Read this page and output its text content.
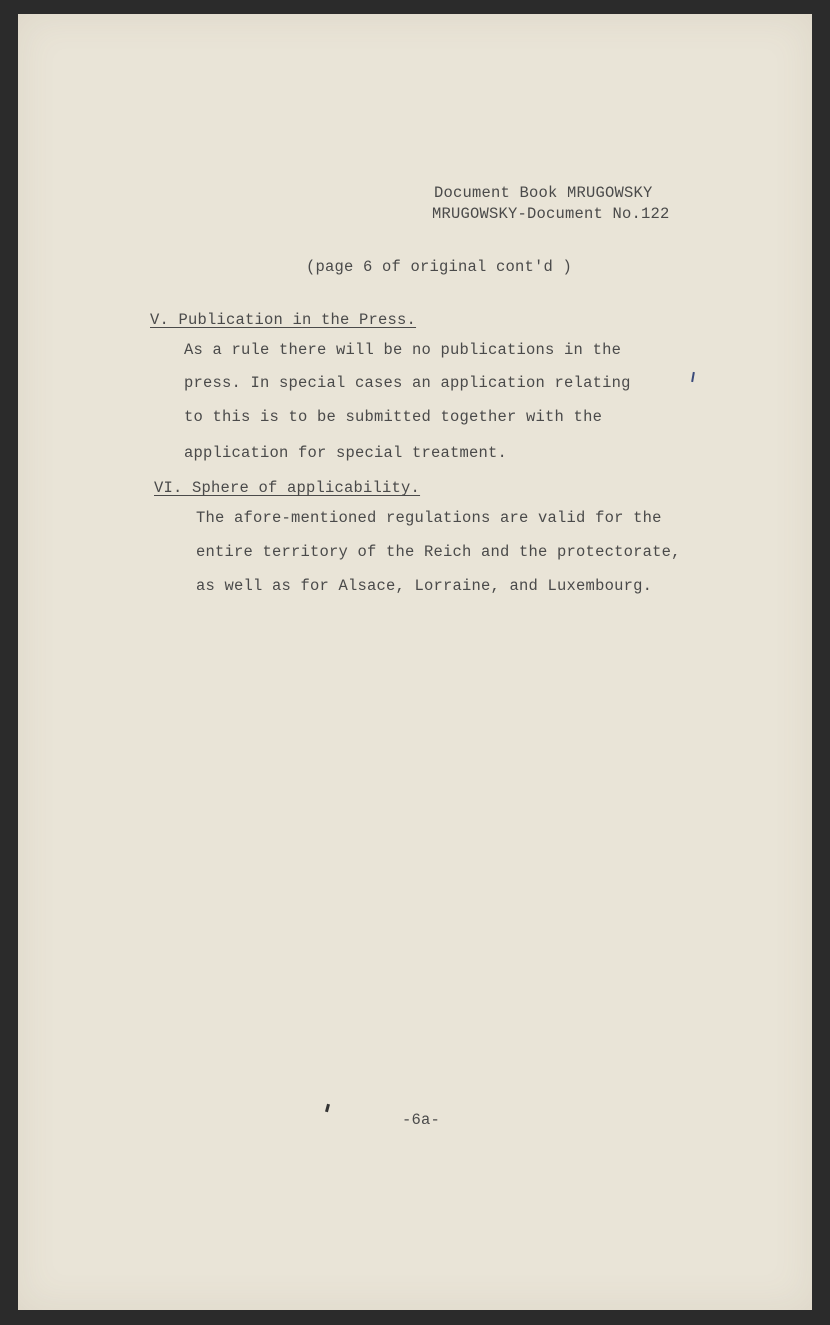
Document Book MRUGOWSKY
MRUGOWSKY-Document No.122
(page 6 of original cont'd )
V. Publication in the Press.
As a rule there will be no publications in the
press. In special cases an application relating
to this is to be submitted together with the
application for special treatment.
VI. Sphere of applicability.
The afore-mentioned regulations are valid for the
entire territory of the Reich and the protectorate,
as well as for Alsace, Lorraine, and Luxembourg.
-6a-
